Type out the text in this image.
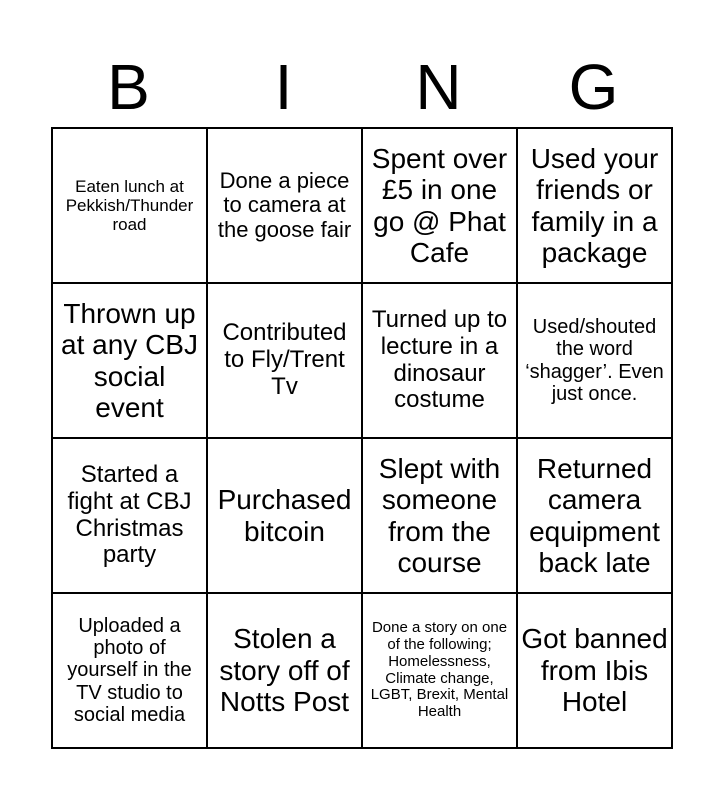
B	I	N	G
Eaten lunch at Pekkish/Thunder road	Done a piece to camera at the goose fair	Spent over £5 in one go @ Phat Cafe	Used your friends or family in a package
Thrown up at any CBJ social event	Contributed to Fly/Trent Tv	Turned up to lecture in a dinosaur costume	Used/shouted the word ‘shagger’. Even just once.
Started a fight at CBJ Christmas party	Purchased bitcoin	Slept with someone from the course	Returned camera equipment back late
Uploaded a photo of yourself in the TV studio to social media	Stolen a story off of Notts Post	Done a story on one of the following; Homelessness, Climate change, LGBT, Brexit, Mental Health	Got banned from Ibis Hotel
